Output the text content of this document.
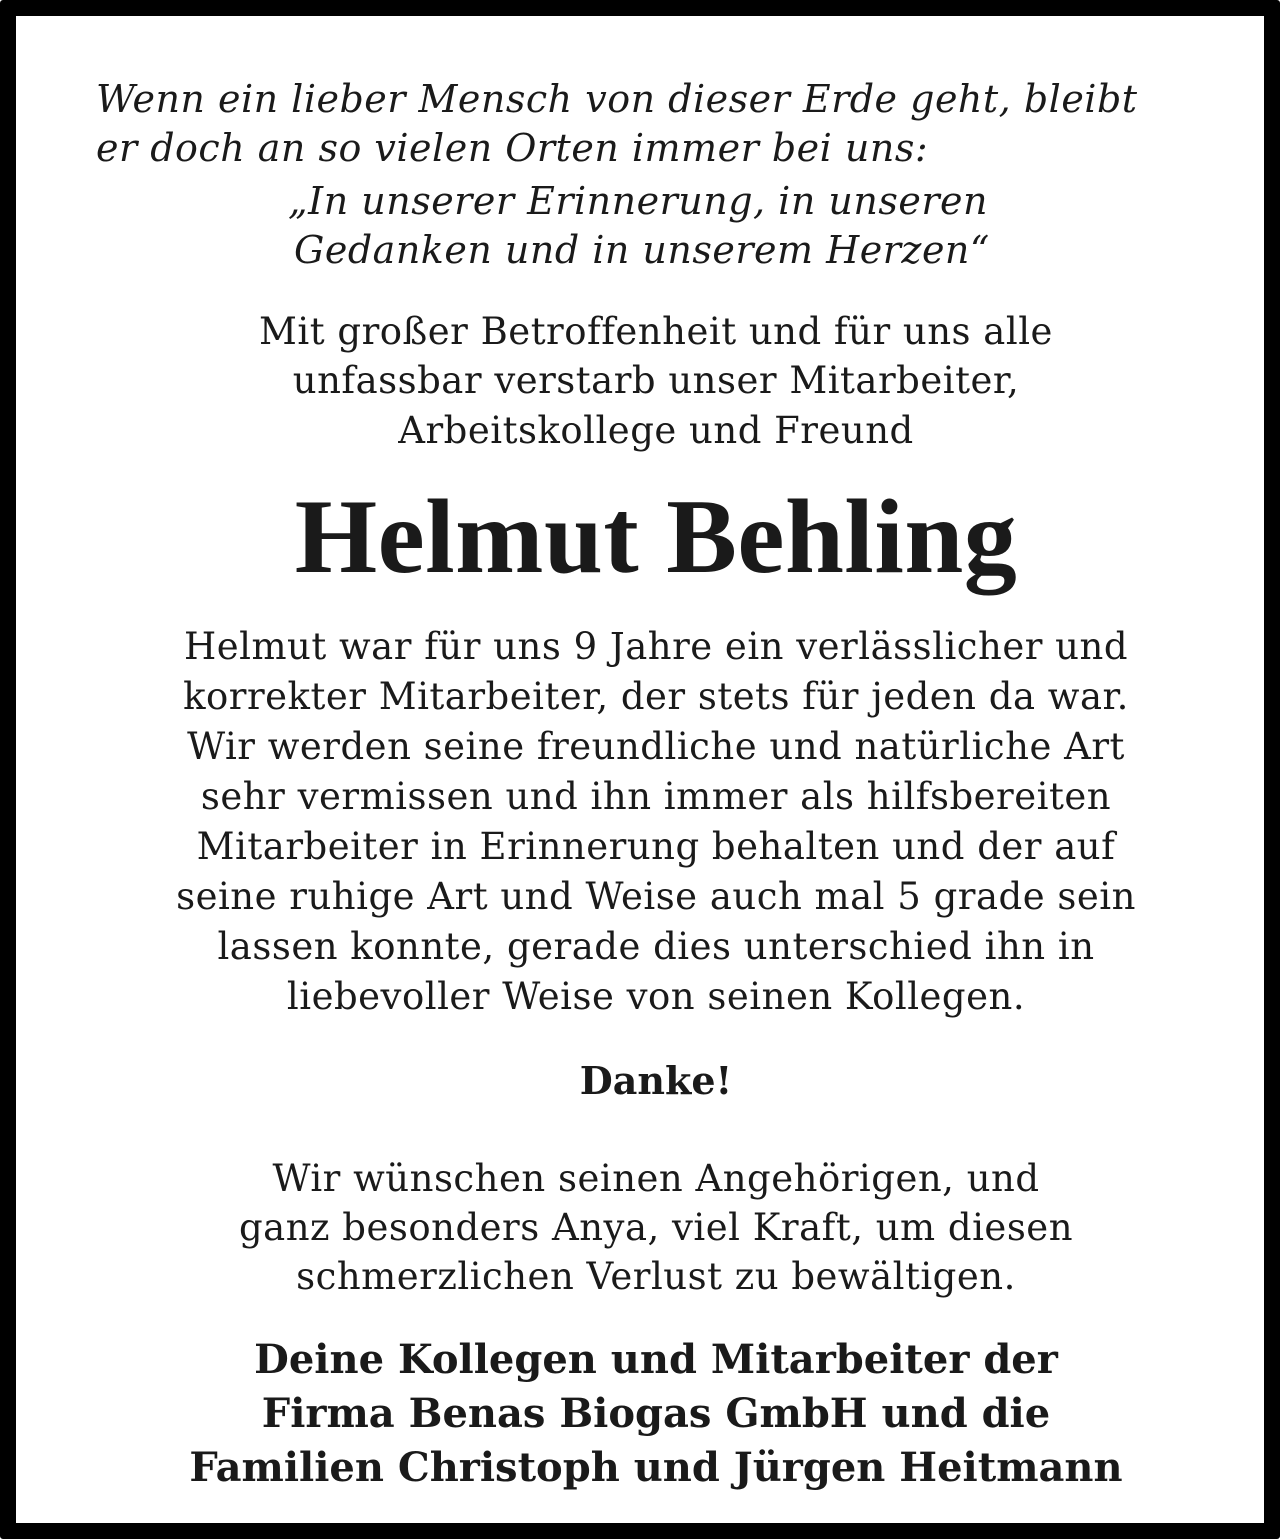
Wenn ein lieber Mensch von dieser Erde geht, bleibt
er doch an so vielen Orten immer bei uns:
„In unserer Erinnerung, in unseren
Gedanken und in unserem Herzen“
Mit großer Betroffenheit und für uns alle
unfassbar verstarb unser Mitarbeiter,
Arbeitskollege und Freund
Helmut Behling
Helmut war für uns 9 Jahre ein verlässlicher und
korrekter Mitarbeiter, der stets für jeden da war.
Wir werden seine freundliche und natürliche Art
sehr vermissen und ihn immer als hilfsbereiten
Mitarbeiter in Erinnerung behalten und der auf
seine ruhige Art und Weise auch mal 5 grade sein
lassen konnte, gerade dies unterschied ihn in
liebevoller Weise von seinen Kollegen.
Danke!
Wir wünschen seinen Angehörigen, und
ganz besonders Anya, viel Kraft, um diesen
schmerzlichen Verlust zu bewältigen.
Deine Kollegen und Mitarbeiter der
Firma Benas Biogas GmbH und die
Familien Christoph und Jürgen Heitmann
